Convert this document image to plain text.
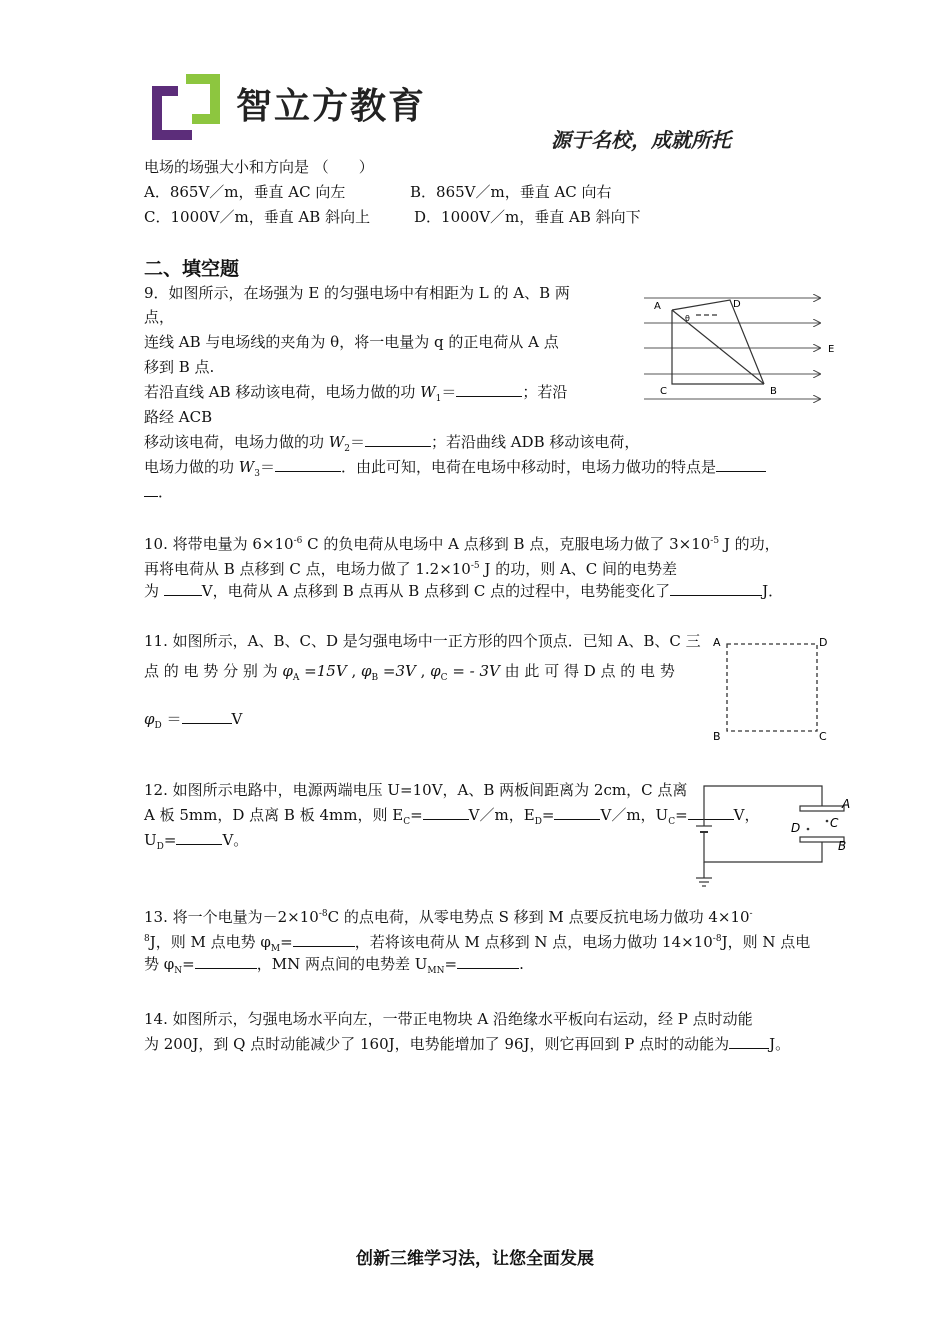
智立方教育
源于名校，成就所托
电场的场强大小和方向是 （　　）
A．865V／m，垂直 AC 向左	B．865V／m，垂直 AC 向右
C．1000V／m，垂直 AB 斜向上	D．1000V／m，垂直 AB 斜向下
二、填空题
9．如图所示，在场强为 E 的匀强电场中有相距为 L 的 A、B 两
点，
连线 AB 与电场线的夹角为 θ，将一电量为 q 的正电荷从 A 点
移到 B 点.
若沿直线 AB 移动该电荷，电场力做的功 $W_1=$	；若沿
路经 ACB
移动该电荷，电场力做的功 $W_2=$	；若沿曲线 ADB 移动该电荷，
电场力做的功 $W_3=$	．由此可知，电荷在电场中移动时，电场力做功的特点是
．
A	D
θ
E
C	B
10. 将带电量为 $6\times 10^{-6}$ C 的负电荷从电场中 A 点移到 B 点，克服电场力做了 $3\times 10^{-5}$ J 的功，
再将电荷从 B 点移到 C 点，电场力做了 $1.2\times 10^{-5}$ J 的功，则 A、C 间的电势差
为	V，电荷从 A 点移到 B 点再从 B 点移到 C 点的过程中，电势能变化了	J．
11. 如图所示，A、B、C、D 是匀强电场中一正方形的四个顶点．已知 A、B、C 三
点 的 电 势 分 别 为 $\varphi_A =15V$ , $\varphi_B =3V$ , $\varphi_C$ = - 3V 由 此 可 得 D 点 的 电 势
$\varphi_D$ ＝	V
A	D
B	C
12. 如图所示电路中，电源两端电压 U=10V，A、B 两板间距离为 2cm，C 点离
A 板 5mm，D 点离 B 板 4mm，则 $E_C=$	V／m，$E_D=$	V／m，$U_C=$	V，
$U_D=$	V。
A
C
D
B
13. 将一个电量为$-2\times 10^{-8}C$ 的点电荷，从零电势点 S 移到 M 点要反抗电场力做功 4×10-
$^8$J，则 M 点电势 $\varphi_M=$	，若将该电荷从 M 点移到 N 点，电场力做功 $14\times 10^{-8}J$，则 N 点电
势 $\varphi_N=$	，MN 两点间的电势差 $U_{MN}=$	.
14. 如图所示，匀强电场水平向左，一带正电物块 A 沿绝缘水平板向右运动，经 P 点时动能
为 200J，到 Q 点时动能减少了 160J，电势能增加了 96J，则它再回到 P 点时的动能为	J。
创新三维学习法，让您全面发展
